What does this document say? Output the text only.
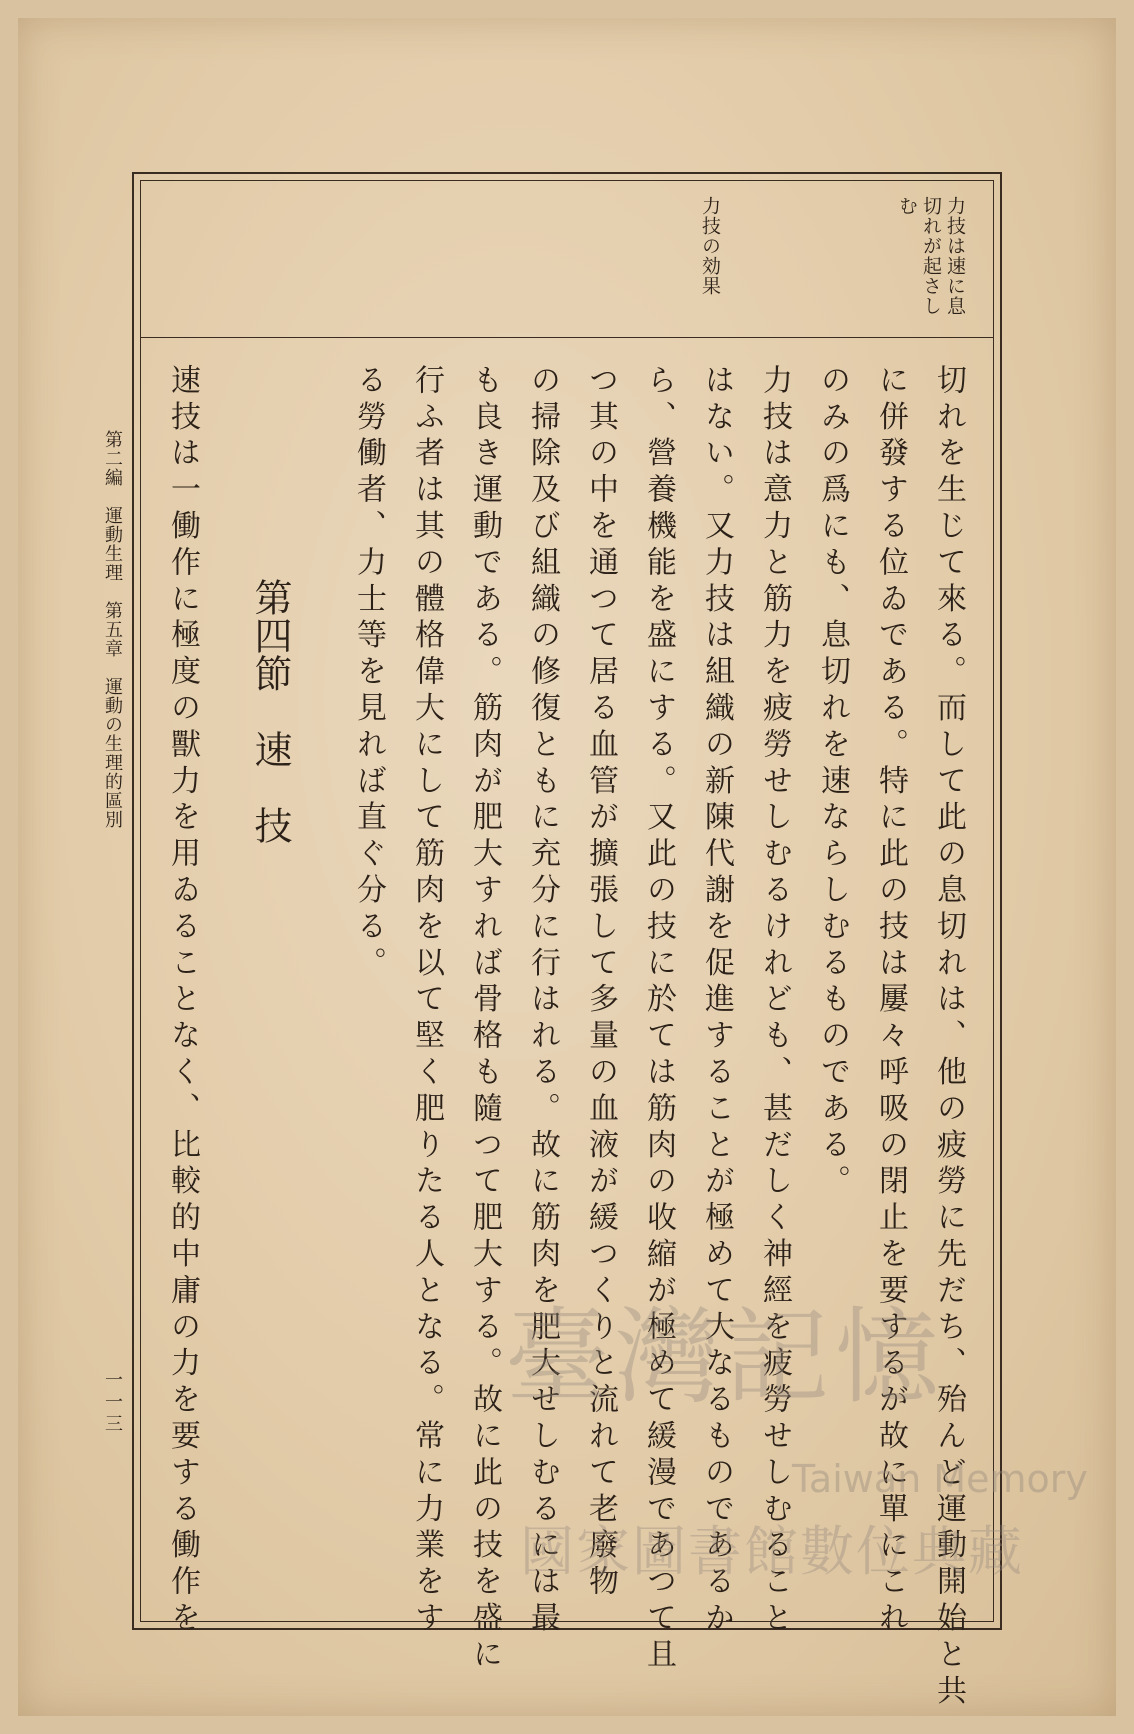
力技は速に息

切れが起さし

む

力技の効果

切れを生じて來る。而して此の息切れは、他の疲勞に先だち、殆んど運動開始と共

に併發する位ゐである。特に此の技は屢々呼吸の閉止を要するが故に單にこれ

のみの爲にも、息切れを速ならしむるものである。

力技は意力と筋力を疲勞せしむるけれども、甚だしく神經を疲勞せしむること

はない。又力技は組織の新陳代謝を促進することが極めて大なるものであるか

ら、營養機能を盛にする。又此の技に於ては筋肉の收縮が極めて緩漫であつて且

つ其の中を通つて居る血管が擴張して多量の血液が緩つくりと流れて老廢物

の掃除及び組織の修復ともに充分に行はれる。故に筋肉を肥大せしむるには最

も良き運動である。筋肉が肥大すれば骨格も隨つて肥大する。故に此の技を盛に

行ふ者は其の體格偉大にして筋肉を以て堅く肥りたる人となる。常に力業をす

る勞働者、力士等を見れば直ぐ分る。

第四節　速　技

速技は一働作に極度の獸力を用ゐることなく、比較的中庸の力を要する働作を

第二編　運動生理　第五章　運動の生理的區別

一一三	臺灣記憶
Taiwan Memory
國家圖書館數位典藏
